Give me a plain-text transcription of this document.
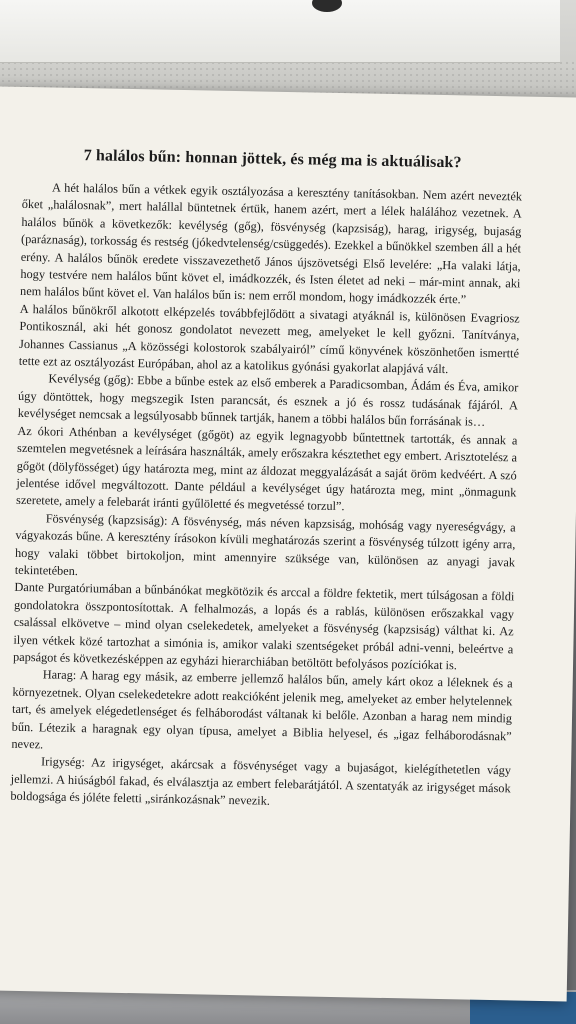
7 halálos bűn: honnan jöttek, és még ma is aktuálisak?

A hét halálos bűn a vétkek egyik osztályozása a keresztény tanításokban. Nem azért nevezték őket „halálosnak”, mert halállal büntetnek értük, hanem azért, mert a lélek halálához vezetnek. A halálos bűnök a következők: kevélység (gőg), fösvénység (kapzsiság), harag, irigység, bujaság (paráznaság), torkosság és restség (jókedvtelenség/csüggedés). Ezekkel a bűnökkel szemben áll a hét erény. A halálos bűnök eredete visszavezethető János újszövetségi Első levelére: „Ha valaki látja, hogy testvére nem halálos bűnt követ el, imádkozzék, és Isten életet ad neki – már-mint annak, aki nem halálos bűnt követ el. Van halálos bűn is: nem erről mondom, hogy imádkozzék érte.”

A halálos bűnökről alkotott elképzelés továbbfejlődött a sivatagi atyáknál is, különösen Evagriosz Pontikosznál, aki hét gonosz gondolatot nevezett meg, amelyeket le kell győzni. Tanítványa, Johannes Cassianus „A közösségi kolostorok szabályairól” című könyvének köszönhetően ismertté tette ezt az osztályozást Európában, ahol az a katolikus gyónási gyakorlat alapjává vált.

Kevélység (gőg): Ebbe a bűnbe estek az első emberek a Paradicsomban, Ádám és Éva, amikor úgy döntöttek, hogy megszegik Isten parancsát, és esznek a jó és rossz tudásának fájáról. A kevélységet nemcsak a legsúlyosabb bűnnek tartják, hanem a többi halálos bűn forrásának is…

Az ókori Athénban a kevélységet (gőgöt) az egyik legnagyobb bűntettnek tartották, és annak a szemtelen megvetésnek a leírására használták, amely erőszakra késztethet egy embert. Arisztotelész a gőgöt (dölyfösséget) úgy határozta meg, mint az áldozat meggyalázását a saját öröm kedvéért. A szó jelentése idővel megváltozott. Dante például a kevélységet úgy határozta meg, mint „önmagunk szeretete, amely a felebarát iránti gyűlöletté és megvetéssé torzul”.

Fösvénység (kapzsiság): A fösvénység, más néven kapzsiság, mohóság vagy nyereségvágy, a vágyakozás bűne. A keresztény írásokon kívüli meghatározás szerint a fösvénység túlzott igény arra, hogy valaki többet birtokoljon, mint amennyire szüksége van, különösen az anyagi javak tekintetében.

Dante Purgatóriumában a bűnbánókat megkötözik és arccal a földre fektetik, mert túlságosan a földi gondolatokra összpontosítottak. A felhalmozás, a lopás és a rablás, különösen erőszakkal vagy csalással elkövetve – mind olyan cselekedetek, amelyeket a fösvénység (kapzsiság) válthat ki. Az ilyen vétkek közé tartozhat a simónia is, amikor valaki szentségeket próbál adni-venni, beleértve a papságot és következésképpen az egyházi hierarchiában betöltött befolyásos pozíciókat is.

Harag: A harag egy másik, az emberre jellemző halálos bűn, amely kárt okoz a léleknek és a környezetnek. Olyan cselekedetekre adott reakcióként jelenik meg, amelyeket az ember helytelennek tart, és amelyek elégedetlenséget és felháborodást váltanak ki belőle. Azonban a harag nem mindig bűn. Létezik a haragnak egy olyan típusa, amelyet a Biblia helyesel, és „igaz felháborodásnak” nevez.

Irigység: Az irigységet, akárcsak a fösvénységet vagy a bujaságot, kielégíthetetlen vágy jellemzi. A hiúságból fakad, és elválasztja az embert felebarátjától. A szentatyák az irigységet mások boldogsága és jóléte feletti „siránkozásnak” nevezik.
